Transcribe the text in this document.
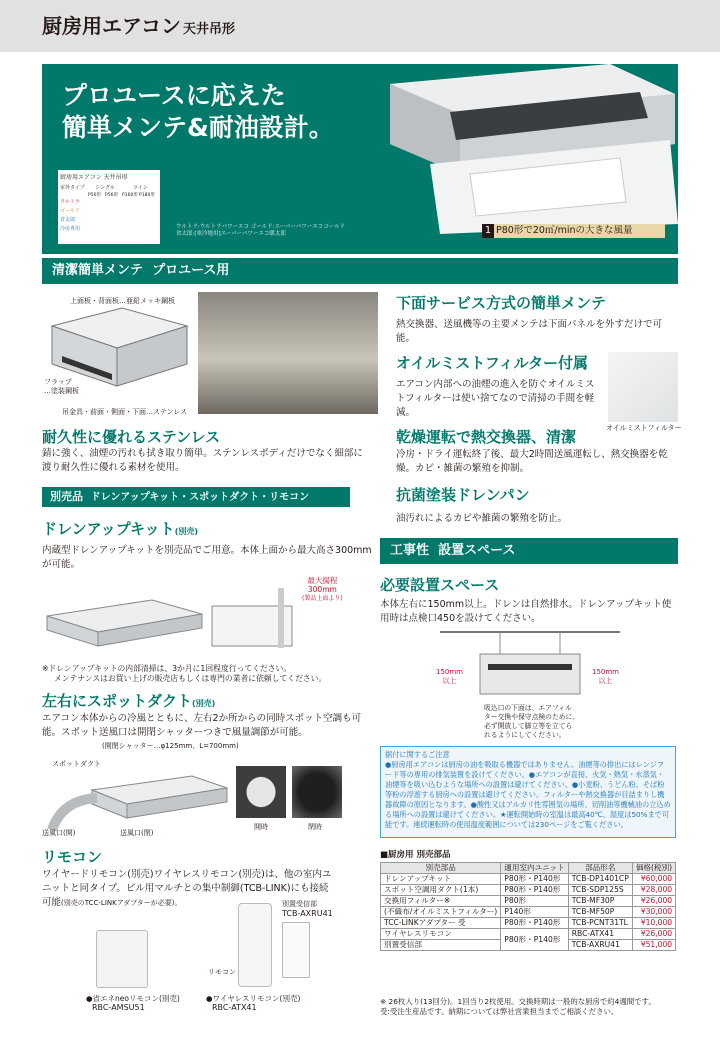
厨房用エアコン 天井吊形
プロユースに応えた
簡単メンテ&耐油設計。
厨房用エアコン 天井吊形
室外タイプ	シングル	ツイン
P50形 P56形 P160形 P180形
ウルトラ
ゴールド
省太郎
冷房専用	ウルトラ:ウルトラパワーエコ ゴールド:スーパーパワーエコゴールド
省太郎:[寒冷地用]スーパーパワーエコ暖太郎	1 P80形で20㎥/minの大きな風量
清潔簡単メンテ プロユース用
上面板・背面板…亜鉛メッキ鋼板
フラップ
…塗装鋼板
吊金具・前面・側面・下面…ステンレス
耐久性に優れるステンレス
錆に強く、油煙の汚れも拭き取り簡単。ステンレスボディだけでなく細部に渡り耐久性に優れる素材を使用。
下面サービス方式の簡単メンテ
熱交換器、送風機等の主要メンテは下面パネルを外すだけで可能。
オイルミストフィルター付属
エアコン内部への油煙の進入を防ぐオイルミストフィルターは使い捨てなので清掃の手間を軽減。
オイルミストフィルター
乾燥運転で熱交換器、清潔
冷房・ドライ運転終了後、最大2時間送風運転し、熱交換器を乾燥。カビ・雑菌の繁殖を抑制。
抗菌塗装ドレンパン
油汚れによるカビや雑菌の繁殖を防止。
別売品 ドレンアップキット・スポットダクト・リモコン
ドレンアップキット(別売)
内蔵型ドレンアップキットを別売品でご用意。本体上面から最大高さ300mmが可能。
最大揚程
300mm
(製品上面より)
※ドレンアップキットの内部清掃は、3か月に1回程度行ってください。
メンテナンスはお買い上げの販売店もしくは専門の業者に依頼してください。
左右にスポットダクト(別売)
エアコン本体からの冷風とともに、左右2か所からの同時スポット空調も可能。スポット送風口は開閉シャッターつきで風量調節が可能。
(開閉シャッター…φ125mm、L=700mm)
スポットダクト
送風口(開)	送風口(閉)
開時	閉時
リモコン
ワイヤードリモコン(別売)ワイヤレスリモコン(別売)は、他の室内ユニットと同タイプ。ビル用マルチとの集中制御(TCB-LINK)にも接続可能(別売のTCC-LINKアダプターが必要)。	別置受信部
TCB-AXRU41
リモコン
●省エネneoリモコン(別売)
RBC-AMSU51
●ワイヤレスリモコン(別売)
RBC-ATX41
工事性 設置スペース
必要設置スペース
本体左右に150mm以上。ドレンは自然排水。ドレンアップキット使用時は点検口450を設けてください。
150mm
以上
150mm
以上
吸込口の下面は、エアフィル
ター交換や保守点検のために、
必ず開放して脚立等を立てら
れるようにしてください。
据付に関するご注意
●厨房用エアコンは厨房の油を吸取る機器ではありません。油煙等の排出にはレンジフード等の専用の排気装置を設けてください。●エアコンが直接、火気・熱気・水蒸気・油煙等を吸い込むような場所への設置は避けてください。●小麦粉、うどん粉、そば粉等粉の浮遊する厨房への設置は避けてください。フィルターや熱交換器が目詰まりし機器故障の原因となります。●酸性又はアルカリ性雰囲気の場所、切削油等機械油の立込める場所への設置は避けてください。★運転開始時の室温は最高40℃、湿度は50%まで可能です。連続運転時の使用温度範囲については230ページをご覧ください。
■厨房用 別売部品
別売部品	適用室内ユニット	部品形名	価格(税別)
ドレンアップキット	P80形・P140形	TCB-DP1401CP	¥60,000
スポット空調用ダクト(1本)	P80形・P140形	TCB-SDP125S	¥28,000
交換用フィルター※	P80形	TCB-MF30P	¥26,000
(不織布/オイルミストフィルター)	P140形	TCB-MF50P	¥30,000
TCC-LINKアダプター 受	P80形・P140形	TCB-PCNT31TL	¥10,000
ワイヤレスリモコン	P80形・P140形	RBC-ATX41	¥26,000
別置受信部		TCB-AXRU41	¥51,000
※ 26枚入り(13回分)。1回当り2枚使用。交換時期は一般的な厨房で約4週間です。
受:受注生産品です。納期については弊社営業担当までご相談ください。
